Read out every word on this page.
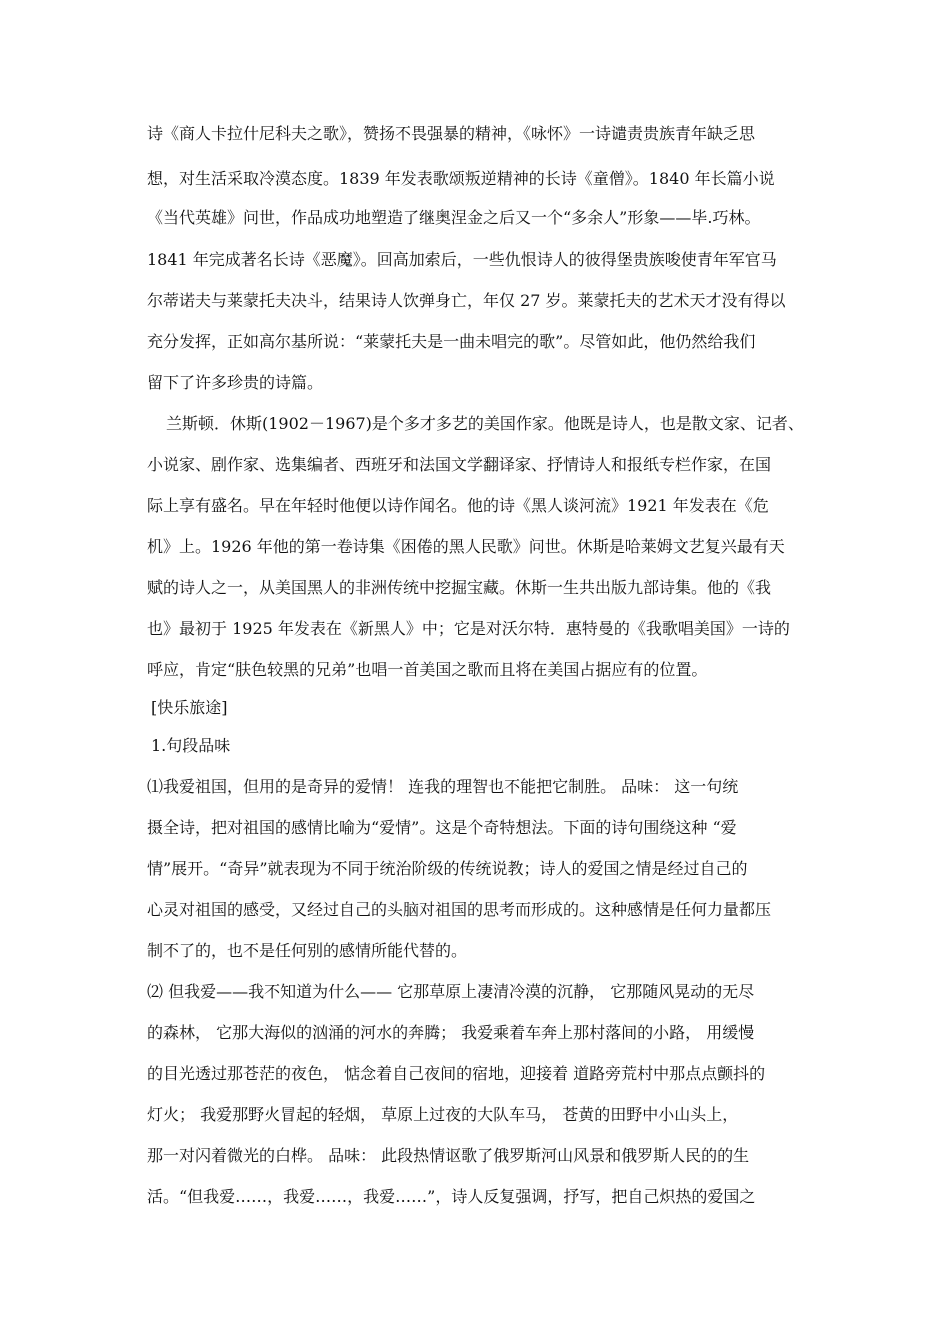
诗《商人卡拉什尼科夫之歌》，赞扬不畏强暴的精神，《咏怀》一诗谴责贵族青年缺乏思
想，对生活采取冷漠态度。1839 年发表歌颂叛逆精神的长诗《童僧》。1840 年长篇小说
《当代英雄》问世，作品成功地塑造了继奥涅金之后又一个“多余人”形象——毕.巧林。
1841 年完成著名长诗《恶魔》。回高加索后，一些仇恨诗人的彼得堡贵族唆使青年军官马
尔蒂诺夫与莱蒙托夫决斗，结果诗人饮弹身亡，年仅 27 岁。莱蒙托夫的艺术天才没有得以
充分发挥，正如高尔基所说：“莱蒙托夫是一曲未唱完的歌”。尽管如此，他仍然给我们
留下了许多珍贵的诗篇。
兰斯顿．休斯(1902－1967)是个多才多艺的美国作家。他既是诗人，也是散文家、记者、
小说家、剧作家、选集编者、西班牙和法国文学翻译家、抒情诗人和报纸专栏作家，在国
际上享有盛名。早在年轻时他便以诗作闻名。他的诗《黑人谈河流》1921 年发表在《危
机》上。1926 年他的第一卷诗集《困倦的黑人民歌》问世。休斯是哈莱姆文艺复兴最有天
赋的诗人之一，从美国黑人的非洲传统中挖掘宝藏。休斯一生共出版九部诗集。他的《我
也》最初于 1925 年发表在《新黑人》中；它是对沃尔特．惠特曼的《我歌唱美国》一诗的
呼应，肯定“肤色较黑的兄弟”也唱一首美国之歌而且将在美国占据应有的位置。
[快乐旅途]
1.句段品味
⑴我爱祖国，但用的是奇异的爱情！ 连我的理智也不能把它制胜。 品味： 这一句统
摄全诗，把对祖国的感情比喻为“爱情”。这是个奇特想法。下面的诗句围绕这种 “爱
情”展开。“奇异”就表现为不同于统治阶级的传统说教；诗人的爱国之情是经过自己的
心灵对祖国的感受，又经过自己的头脑对祖国的思考而形成的。这种感情是任何力量都压
制不了的，也不是任何别的感情所能代替的。
⑵ 但我爱——我不知道为什么—— 它那草原上凄清冷漠的沉静， 它那随风晃动的无尽
的森林， 它那大海似的汹涌的河水的奔腾； 我爱乘着车奔上那村落间的小路， 用缓慢
的目光透过那苍茫的夜色， 惦念着自己夜间的宿地，迎接着 道路旁荒村中那点点颤抖的
灯火； 我爱那野火冒起的轻烟， 草原上过夜的大队车马， 苍黄的田野中小山头上，
那一对闪着微光的白桦。 品味： 此段热情讴歌了俄罗斯河山风景和俄罗斯人民的的生
活。“但我爱……，我爱……，我爱……”，诗人反复强调，抒写，把自己炽热的爱国之
